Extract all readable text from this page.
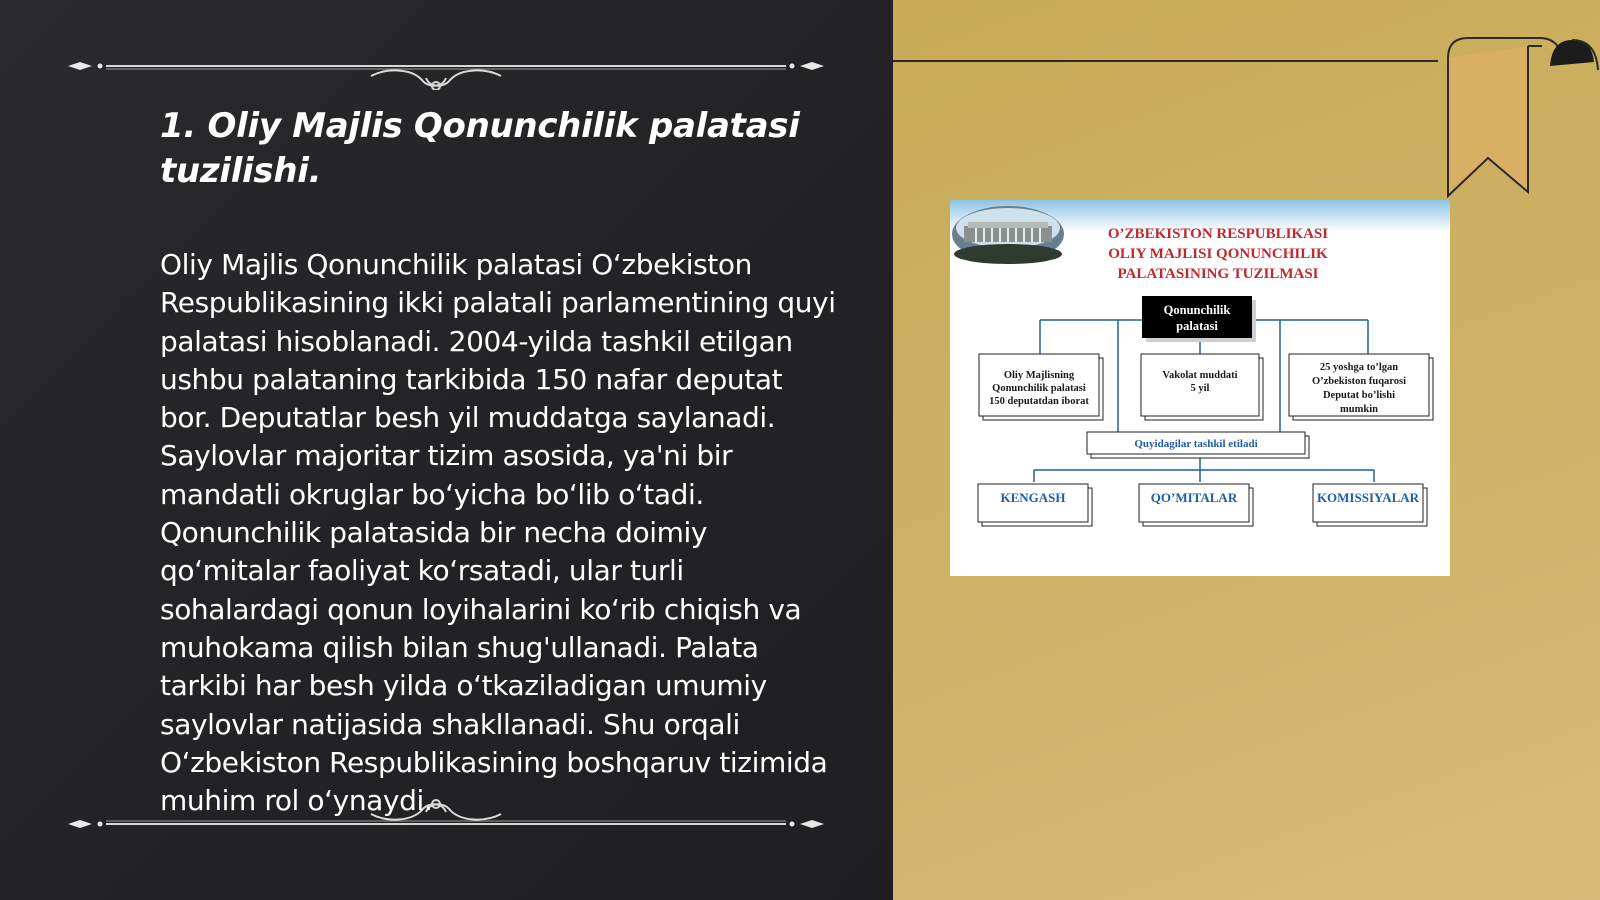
1. Oliy Majlis Qonunchilik palatasi tuzilishi.

Oliy Majlis Qonunchilik palatasi O‘zbekiston Respublikasining ikki palatali parlamentining quyi palatasi hisoblanadi. 2004-yilda tashkil etilgan ushbu palataning tarkibida 150 nafar deputat bor. Deputatlar besh yil muddatga saylanadi. Saylovlar majoritar tizim asosida, ya'ni bir mandatli okruglar bo‘yicha bo‘lib o‘tadi. Qonunchilik palatasida bir necha doimiy qo‘mitalar faoliyat ko‘rsatadi, ular turli sohalardagi qonun loyihalarini ko‘rib chiqish va muhokama qilish bilan shug'ullanadi. Palata tarkibi har besh yilda o‘tkaziladigan umumiy saylovlar natijasida shakllanadi. Shu orqali O‘zbekiston Respublikasining boshqaruv tizimida muhim rol o‘ynaydi.

O’ZBEKISTON RESPUBLIKASI
OLIY MAJLISI QONUNCHILIK
PALATASINING TUZILMASI
Qonunchilik
palatasi
Oliy Majlisning
Qonunchilik palatasi
150 deputatdan iborat
Vakolat muddati
5 yil
25 yoshga to’lgan
O’zbekiston fuqarosi
Deputat bo’lishi
mumkin
Quyidagilar tashkil etiladi
KENGASH	QO’MITALAR	KOMISSIYALAR
